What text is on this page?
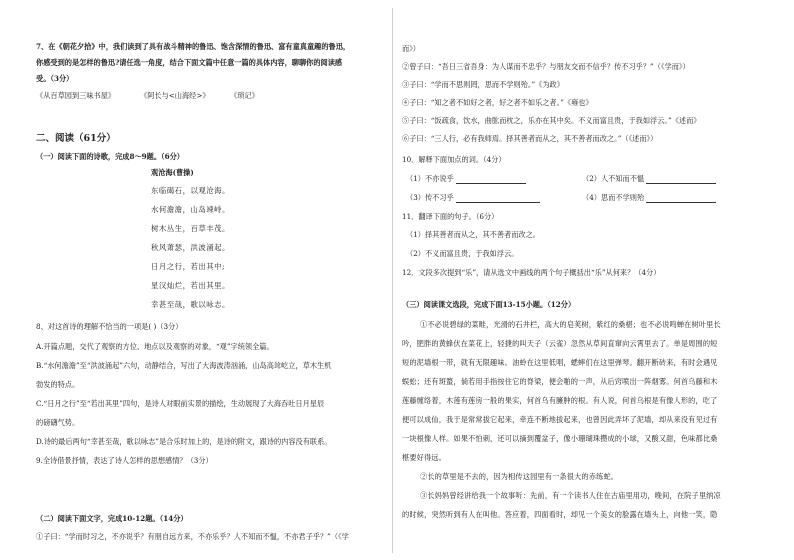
7、在《朝花夕拾》中，我们读到了具有战斗精神的鲁迅、饱含深情的鲁迅、富有童真童趣的鲁迅，
你感受到的是怎样的鲁迅?请任选一角度，结合下面文篇中任意一篇的具体内容，聊聊你的阅读感
受。（3分）
《从百草园到三味书屋》	《阿长与<山海经>》	《琐记》
二、阅读（61分）
（一）阅读下面的诗歌，完成8～9题。（6分）
观沧海(曹操)
东临碣石，以观沧海。
水何澹澹，山岛竦峙。
树木丛生，百草丰茂。
秋风萧瑟，洪波涌起。
日月之行，若出其中;
星汉灿烂，若出其里。
幸甚至哉，歌以咏志。
8、对这首诗的理解不恰当的一项是( )（3分）
A.开篇点题，交代了观察的方位、地点以及观察的对象，“观”字统领全篇。
B.“水何澹澹”至“洪波涌起”六句，动静结合，写出了大海波涛汹涌，山岛高耸屹立，草木生机
勃发的特点。
C.“日月之行”至“若出其里”四句，是诗人对眼前实景的描绘，生动展现了大海吞吐日月星辰
的磅礴气势。
D.诗的最后两句“幸甚至哉，歌以咏志”是合乐时加上的，是诗的附文，跟诗的内容没有联系。
9.全诗借景抒情，表达了诗人怎样的思想感情？（3分）
（二）阅读下面文字，完成10-12题。（14分）
①子曰：“学而时习之，不亦说乎？有朋自远方来，不亦乐乎？人不知而不愠，不亦君子乎？”（《学
而》）
②曾子曰：“吾日三省吾身：为人谋而不忠乎？与朋友交而不信乎？传不习乎？”（《学而》）
③子曰：“学而不思则罔，思而不学则殆。”《为政》
④子曰：“知之者不如好之者，好之者不如乐之者。”《雍也》
⑤子曰：“饭疏食，饮水，曲肱而枕之，乐亦在其中矣。不义而富且贵，于我如浮云。”《述而》
⑥子曰：“三人行，必有我师焉。择其善者而从之，其不善者而改之。”（《述而》）
10．解释下面加点的词。（4分）
（1）不亦说乎	（2）人不知而不愠
（3）传不习乎	（4）思而不学则殆
11．翻译下面的句子。（6分）
（1）择其善者而从之，其不善者而改之。
（2）不义而富且贵，于我如浮云。
12．文段多次提到“乐”，请从选文中画线的两个句子概括出“乐”从何来？（4分）
（三）阅读课文选段，完成下面13-15小题。（12分）
①不必说碧绿的菜畦，光滑的石井栏，高大的皂荚树，紫红的桑椹；也不必说鸣蝉在树叶里长
吟，肥胖的黄蜂伏在菜花上，轻捷的叫天子（云雀）忽然从草间直窜向云霄里去了。单是周围的短
短的泥墙根一带，就有无限趣味。油蛉在这里低唱，蟋蟀们在这里弹琴。翻开断砖来，有时会遇见
蜈蚣；还有斑蝥，倘若用手指按住它的脊梁，便会啪的一声，从后窍喷出一阵烟雾。何首乌藤和木
莲藤缠络着，木莲有莲房一般的果实，何首乌有臃肿的根。有人说，何首乌根是有像人形的，吃了
便可以成仙，我于是常常拔它起来，牵连不断地拔起来，也曾因此弄坏了泥墙，却从来没有见过有
一块根像人样。如果不怕刺，还可以摘到覆盆子，像小珊瑚珠攒成的小球，又酸又甜，色味都比桑
椹要好得远。
②长的草里是不去的，因为相传这园里有一条很大的赤练蛇。
③长妈妈曾经讲给我一个故事听：先前，有一个读书人住在古庙里用功，晚间，在院子里纳凉
的时候，突然听到有人在叫他。答应着，四面看时，却见一个美女的脸露在墙头上，向他一笑，隐
